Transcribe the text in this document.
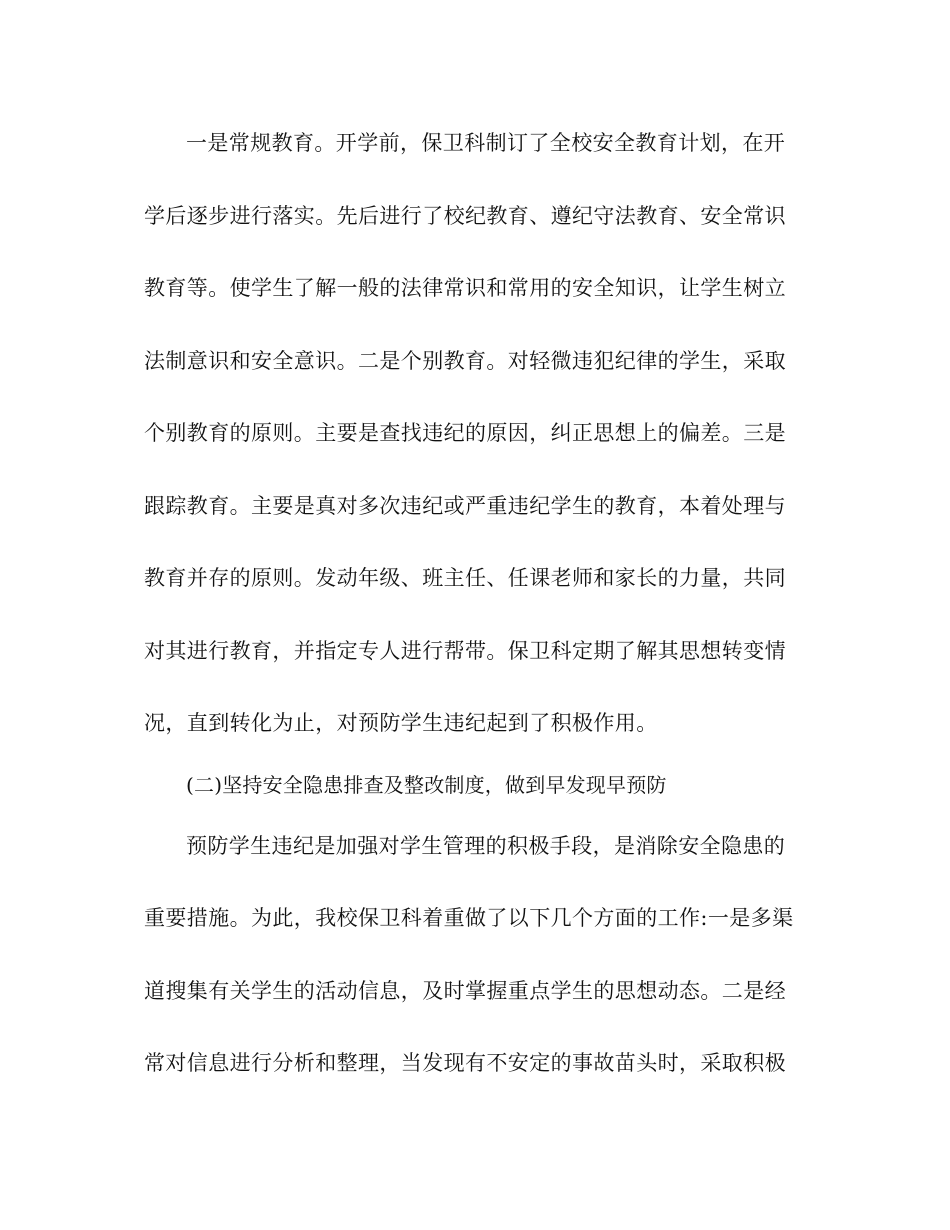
一是常规教育。开学前，保卫科制订了全校安全教育计划，在开
学后逐步进行落实。先后进行了校纪教育、遵纪守法教育、安全常识
教育等。使学生了解一般的法律常识和常用的安全知识，让学生树立
法制意识和安全意识。二是个别教育。对轻微违犯纪律的学生，采取
个别教育的原则。主要是查找违纪的原因，纠正思想上的偏差。三是
跟踪教育。主要是真对多次违纪或严重违纪学生的教育，本着处理与
教育并存的原则。发动年级、班主任、任课老师和家长的力量，共同
对其进行教育，并指定专人进行帮带。保卫科定期了解其思想转变情
况，直到转化为止，对预防学生违纪起到了积极作用。
(二)坚持安全隐患排查及整改制度，做到早发现早预防
预防学生违纪是加强对学生管理的积极手段，是消除安全隐患的
重要措施。为此，我校保卫科着重做了以下几个方面的工作:一是多渠
道搜集有关学生的活动信息，及时掌握重点学生的思想动态。二是经
常对信息进行分析和整理，当发现有不安定的事故苗头时，采取积极
